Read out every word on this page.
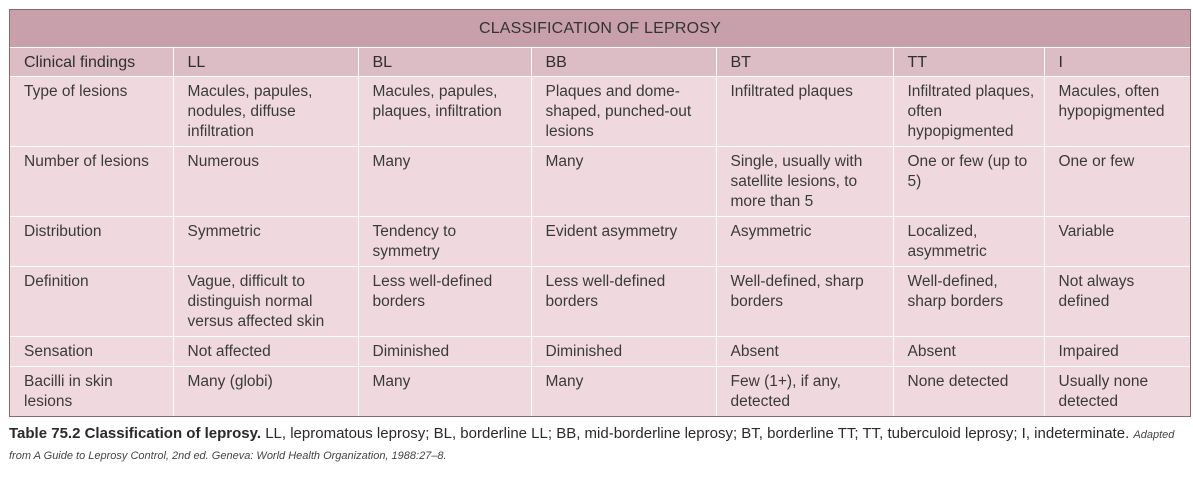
CLASSIFICATION OF LEPROSY
Clinical findings	LL	BL	BB	BT	TT	I
Type of lesions	Macules, papules, nodules, diffuse infiltration	Macules, papules, plaques, infiltration	Plaques and dome-shaped, punched-out lesions	Infiltrated plaques	Infiltrated plaques, often hypopigmented	Macules, often hypopigmented
Number of lesions	Numerous	Many	Many	Single, usually with satellite lesions, to more than 5	One or few (up to 5)	One or few
Distribution	Symmetric	Tendency to symmetry	Evident asymmetry	Asymmetric	Localized, asymmetric	Variable
Definition	Vague, difficult to distinguish normal versus affected skin	Less well-defined borders	Less well-defined borders	Well-defined, sharp borders	Well-defined, sharp borders	Not always defined
Sensation	Not affected	Diminished	Diminished	Absent	Absent	Impaired
Bacilli in skin lesions	Many (globi)	Many	Many	Few (1+), if any, detected	None detected	Usually none detected
Table 75.2 Classification of leprosy. LL, lepromatous leprosy; BL, borderline LL; BB, mid-borderline leprosy; BT, borderline TT; TT, tuberculoid leprosy; I, indeterminate. Adapted from A Guide to Leprosy Control, 2nd ed. Geneva: World Health Organization, 1988:27–8.
